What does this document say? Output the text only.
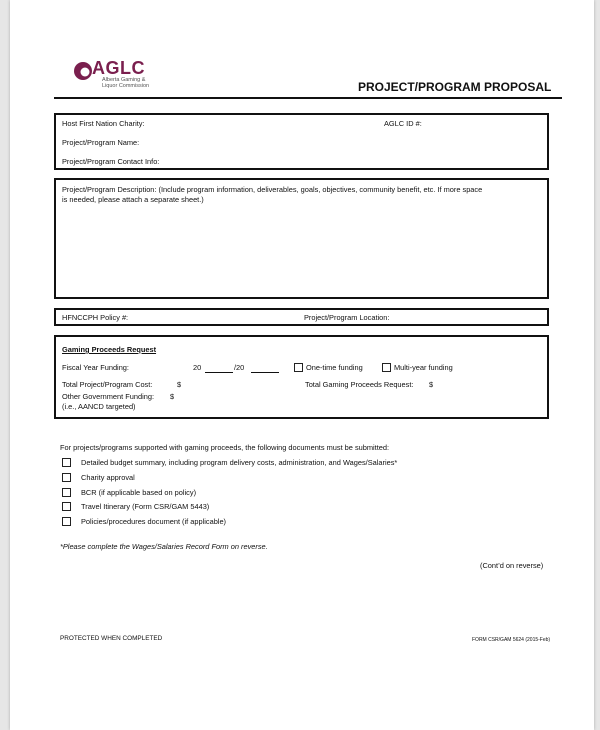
AGLC
Alberta Gaming &
Liquor Commission	PROJECT/PROGRAM PROPOSAL
Host First Nation Charity:	AGLC ID #:
Project/Program Name:
Project/Program Contact Info:
Project/Program Description: (Include program information, deliverables, goals, objectives, community benefit, etc. If more space
is needed, please attach a separate sheet.)
HFNCCPH Policy #:	Project/Program Location:
Gaming Proceeds Request
Fiscal Year Funding:	20	/20	One-time funding	Multi-year funding
Total Project/Program Cost:	$	Total Gaming Proceeds Request: $
Other Government Funding: $
(i.e., AANCD targeted)
For projects/programs supported with gaming proceeds, the following documents must be submitted:
Detailed budget summary, including program delivery costs, administration, and Wages/Salaries*
Charity approval
BCR (if applicable based on policy)
Travel Itinerary (Form CSR/GAM 5443)
Policies/procedures document (if applicable)
*Please complete the Wages/Salaries Record Form on reverse.
(Cont’d on reverse)
PROTECTED WHEN COMPLETED	FORM CSR/GAM 5624 (2015-Feb)
